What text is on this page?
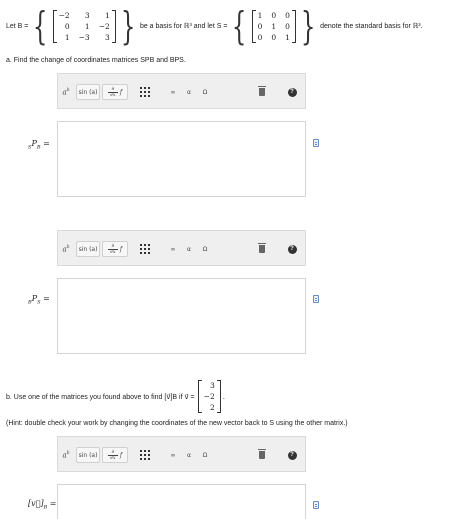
Let B = { −2	3	1
0	1 −2
1 −3	3 } be a basis for ℝ³ and let S = { 1 0 0
0 1 0
0 0 1 } denote the standard basis for ℝ³.
a. Find the change of coordinates matrices SPB and BPS.
$a^b$ $\sin (a) \frac{\partial}{\partial x}$ f	∞	α	Ω	?
$_SP_B$ =
$a^b$ $\sin (a) \frac{\partial}{\partial x}$ f	∞	α	Ω	?
$_BP_S$ =
b. Use one of the matrices you found above to find [v⃗]B if v⃗ =
3
−2
2
.
(Hint: double check your work by changing the coordinates of the new vector back to S using the other matrix.)
$a^b$ $\sin (a) \frac{\partial}{\partial x}$ f	∞	α	Ω	?
$[v⃗]_B$ =
